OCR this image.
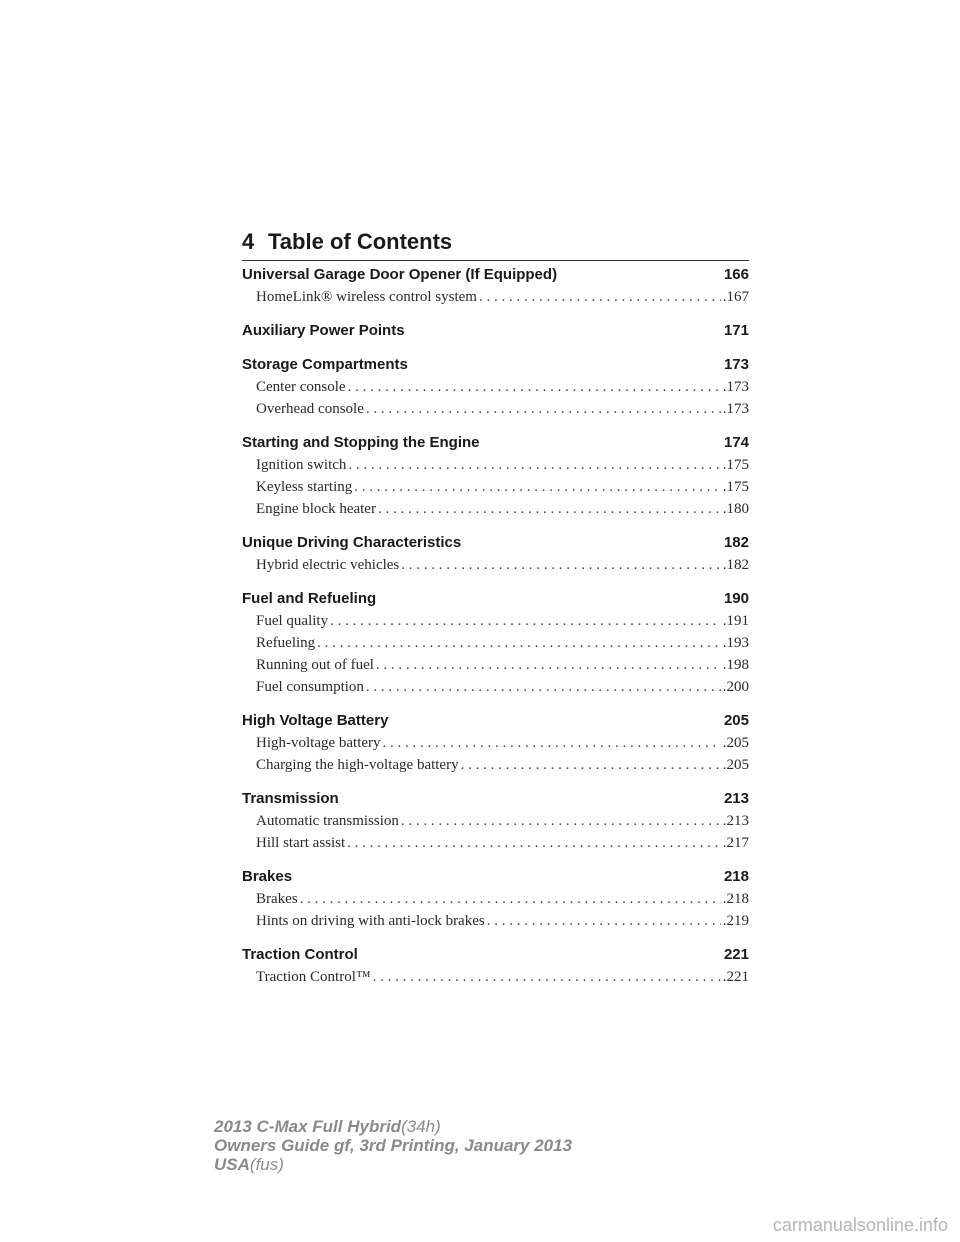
4 Table of Contents
Universal Garage Door Opener (If Equipped)	166
HomeLink® wireless control system . . .	.167
Auxiliary Power Points	171
Storage Compartments	173
Center console . . .	.173
Overhead console . . .	.173
Starting and Stopping the Engine	174
Ignition switch . . .	.175
Keyless starting . . .	.175
Engine block heater . . .	.180
Unique Driving Characteristics	182
Hybrid electric vehicles . . .	.182
Fuel and Refueling	190
Fuel quality . . .	.191
Refueling . . .	.193
Running out of fuel . . .	.198
Fuel consumption . . .	.200
High Voltage Battery	205
High-voltage battery . . .	.205
Charging the high-voltage battery . . .	.205
Transmission	213
Automatic transmission . . .	.213
Hill start assist . . .	.217
Brakes	218
Brakes . . .	.218
Hints on driving with anti-lock brakes . . .	.219
Traction Control	221
Traction Control™ . . .	.221
2013 C-Max Full Hybrid(34h)
Owners Guide gf, 3rd Printing, January 2013
USA(fus)
carmanualsonline.info
